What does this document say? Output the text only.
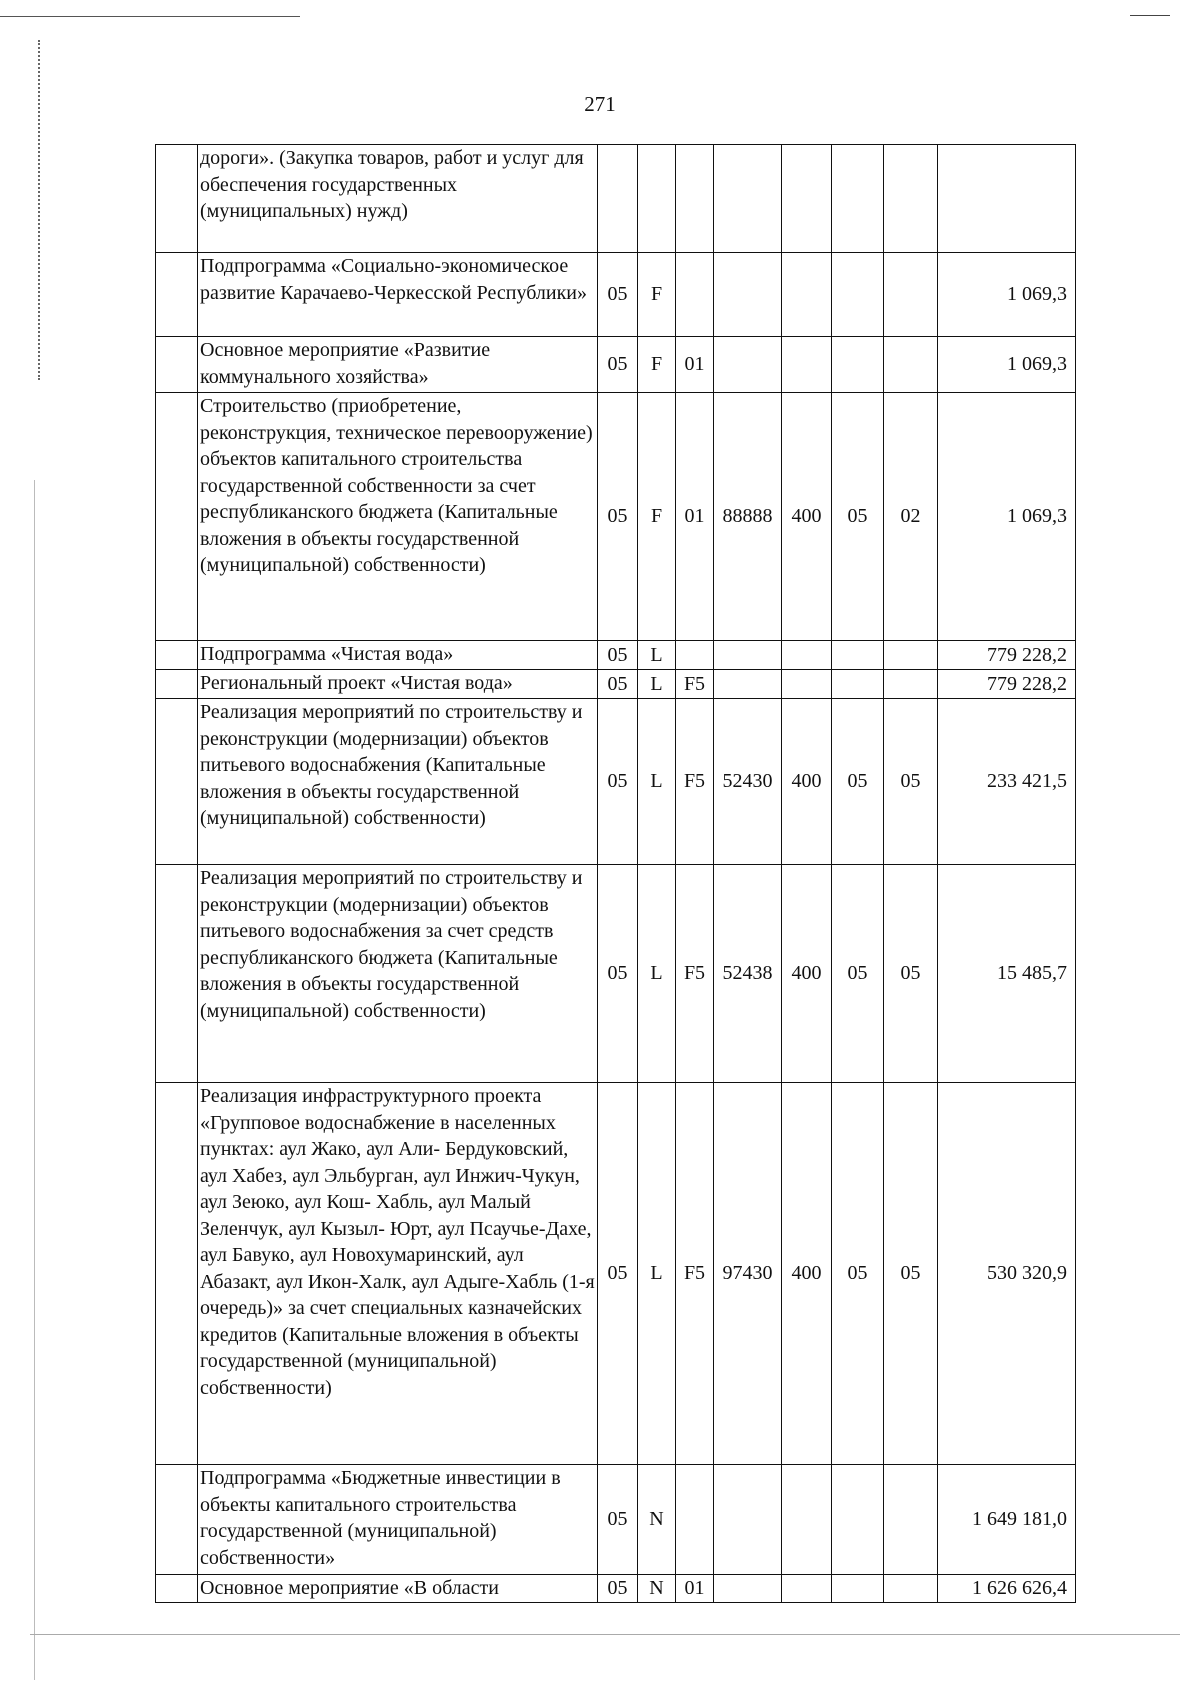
271
	дороги». (Закупка товаров, работ и услуг для обеспечения государственных (муниципальных) нужд)								
	Подпрограмма «Социально-экономическое развитие Карачаево-Черкесской Республики»	05	F						1 069,3
	Основное мероприятие «Развитие коммунального хозяйства»	05	F	01					1 069,3
	Строительство (приобретение, реконструкция, техническое перевооружение) объектов капитального строительства государственной собственности за счет республиканского бюджета (Капитальные вложения в объекты государственной (муниципальной) собственности)	05	F	01	88888	400	05	02	1 069,3
	Подпрограмма «Чистая вода»	05	L						779 228,2
	Региональный проект «Чистая вода»	05	L	F5					779 228,2
	Реализация мероприятий по строительству и реконструкции (модернизации) объектов питьевого водоснабжения (Капитальные вложения в объекты государственной (муниципальной) собственности)	05	L	F5	52430	400	05	05	233 421,5
	Реализация мероприятий по строительству и реконструкции (модернизации) объектов питьевого водоснабжения за счет средств республиканского бюджета (Капитальные вложения в объекты государственной (муниципальной) собственности)	05	L	F5	52438	400	05	05	15 485,7
	Реализация инфраструктурного проекта «Групповое водоснабжение в населенных пунктах: аул Жако, аул Али- Бердуковский, аул Хабез, аул Эльбурган, аул Инжич-Чукун, аул Зеюко, аул Кош- Хабль, аул Малый Зеленчук, аул Кызыл- Юрт, аул Псаучье-Дахе, аул Бавуко, аул Новохумаринский, аул Абазакт, аул Икон-Халк, аул Адыге-Хабль (1-я очередь)» за счет специальных казначейских кредитов (Капитальные вложения в объекты государственной (муниципальной) собственности)	05	L	F5	97430	400	05	05	530 320,9
	Подпрограмма «Бюджетные инвестиции в объекты капитального строительства государственной (муниципальной) собственности»	05	N						1 649 181,0
	Основное мероприятие «В области	05	N	01					1 626 626,4
